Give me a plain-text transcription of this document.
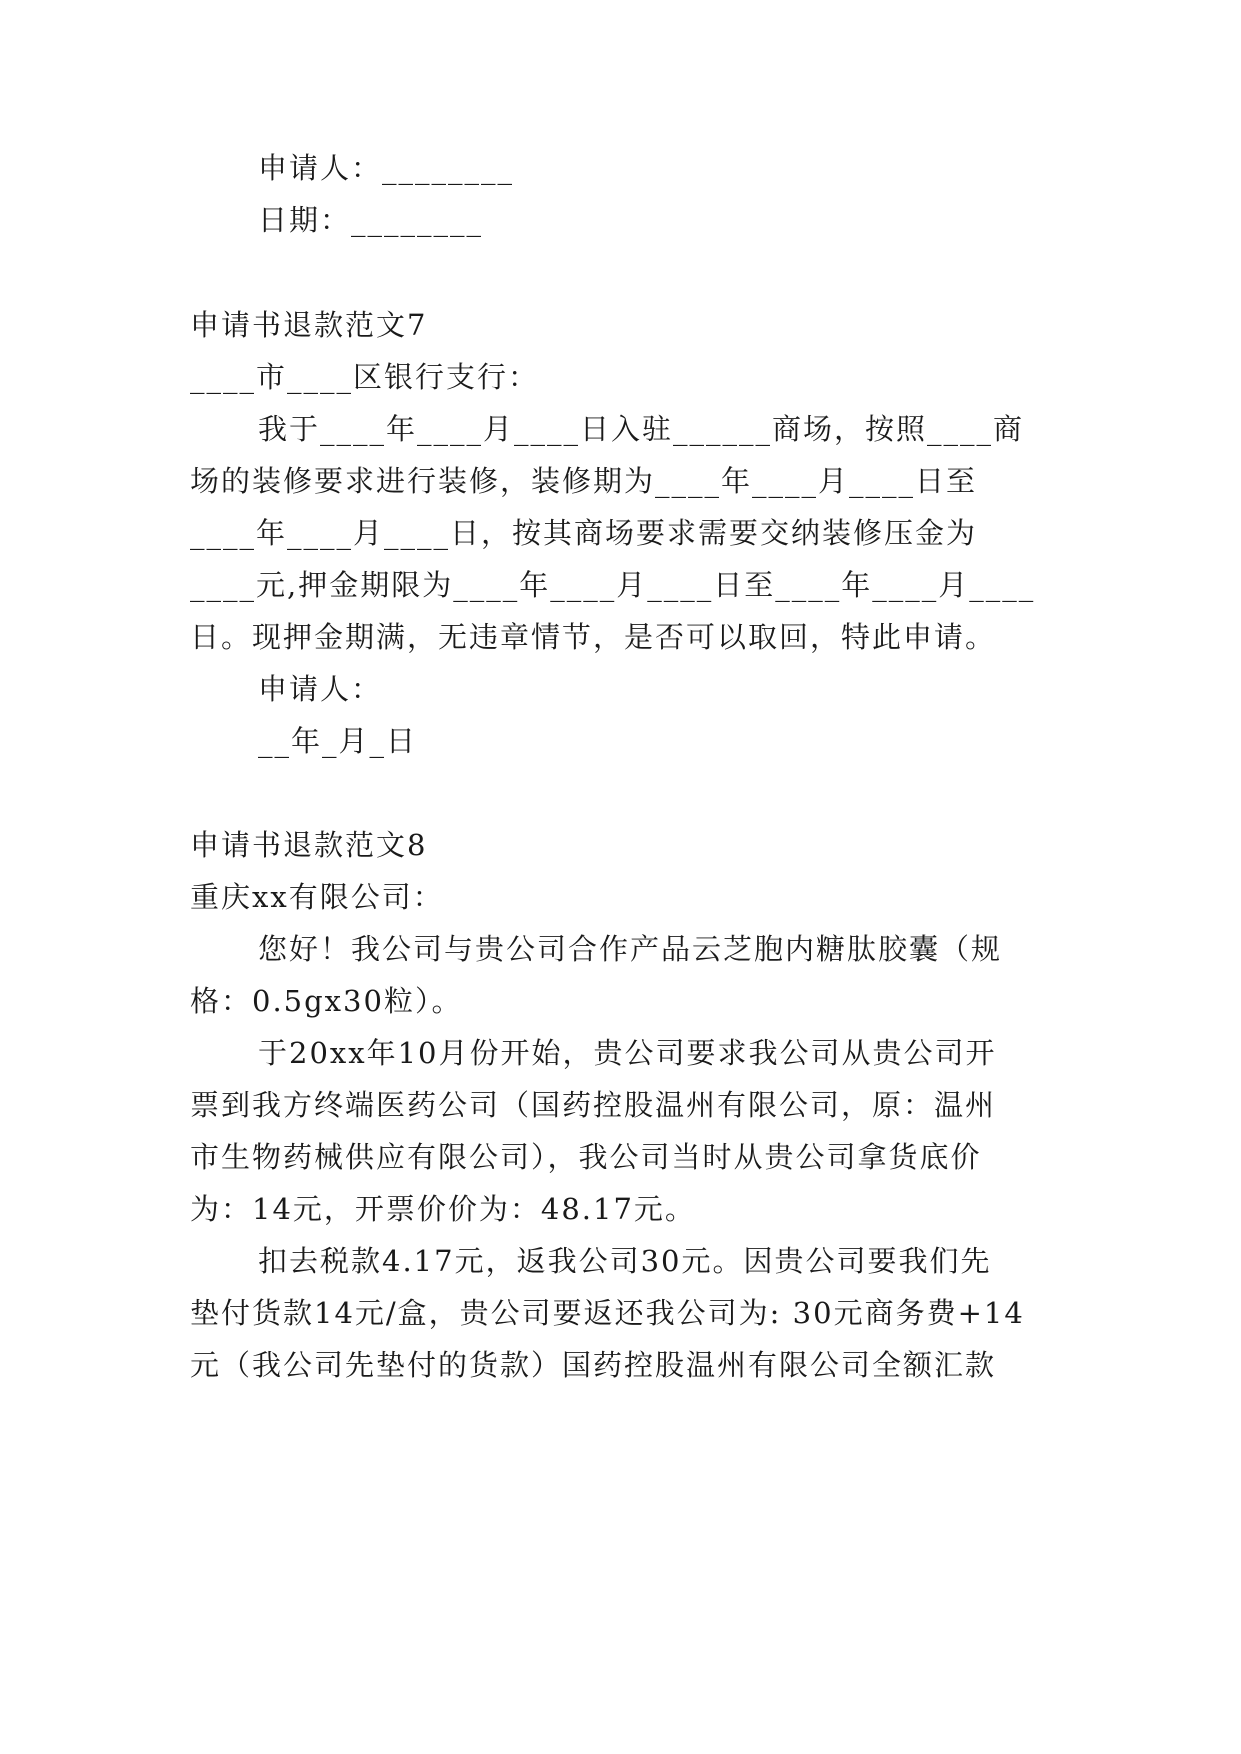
申请人：________
日期：________
申请书退款范文7
____市____区银行支行：
我于____年____月____日入驻______商场，按照____商
场的装修要求进行装修，装修期为____年____月____日至
____年____月____日，按其商场要求需要交纳装修压金为
____元,押金期限为____年____月____日至____年____月____
日。现押金期满，无违章情节，是否可以取回，特此申请。
申请人：
__年_月_日
申请书退款范文8
重庆xx有限公司：
您好！我公司与贵公司合作产品云芝胞内糖肽胶囊（规
格：0.5gx30粒）。
于20xx年10月份开始，贵公司要求我公司从贵公司开
票到我方终端医药公司（国药控股温州有限公司，原：温州
市生物药械供应有限公司），我公司当时从贵公司拿货底价
为：14元，开票价价为：48.17元。
扣去税款4.17元，返我公司30元。因贵公司要我们先
垫付货款14元/盒，贵公司要返还我公司为: 30元商务费+14
元（我公司先垫付的货款）国药控股温州有限公司全额汇款
